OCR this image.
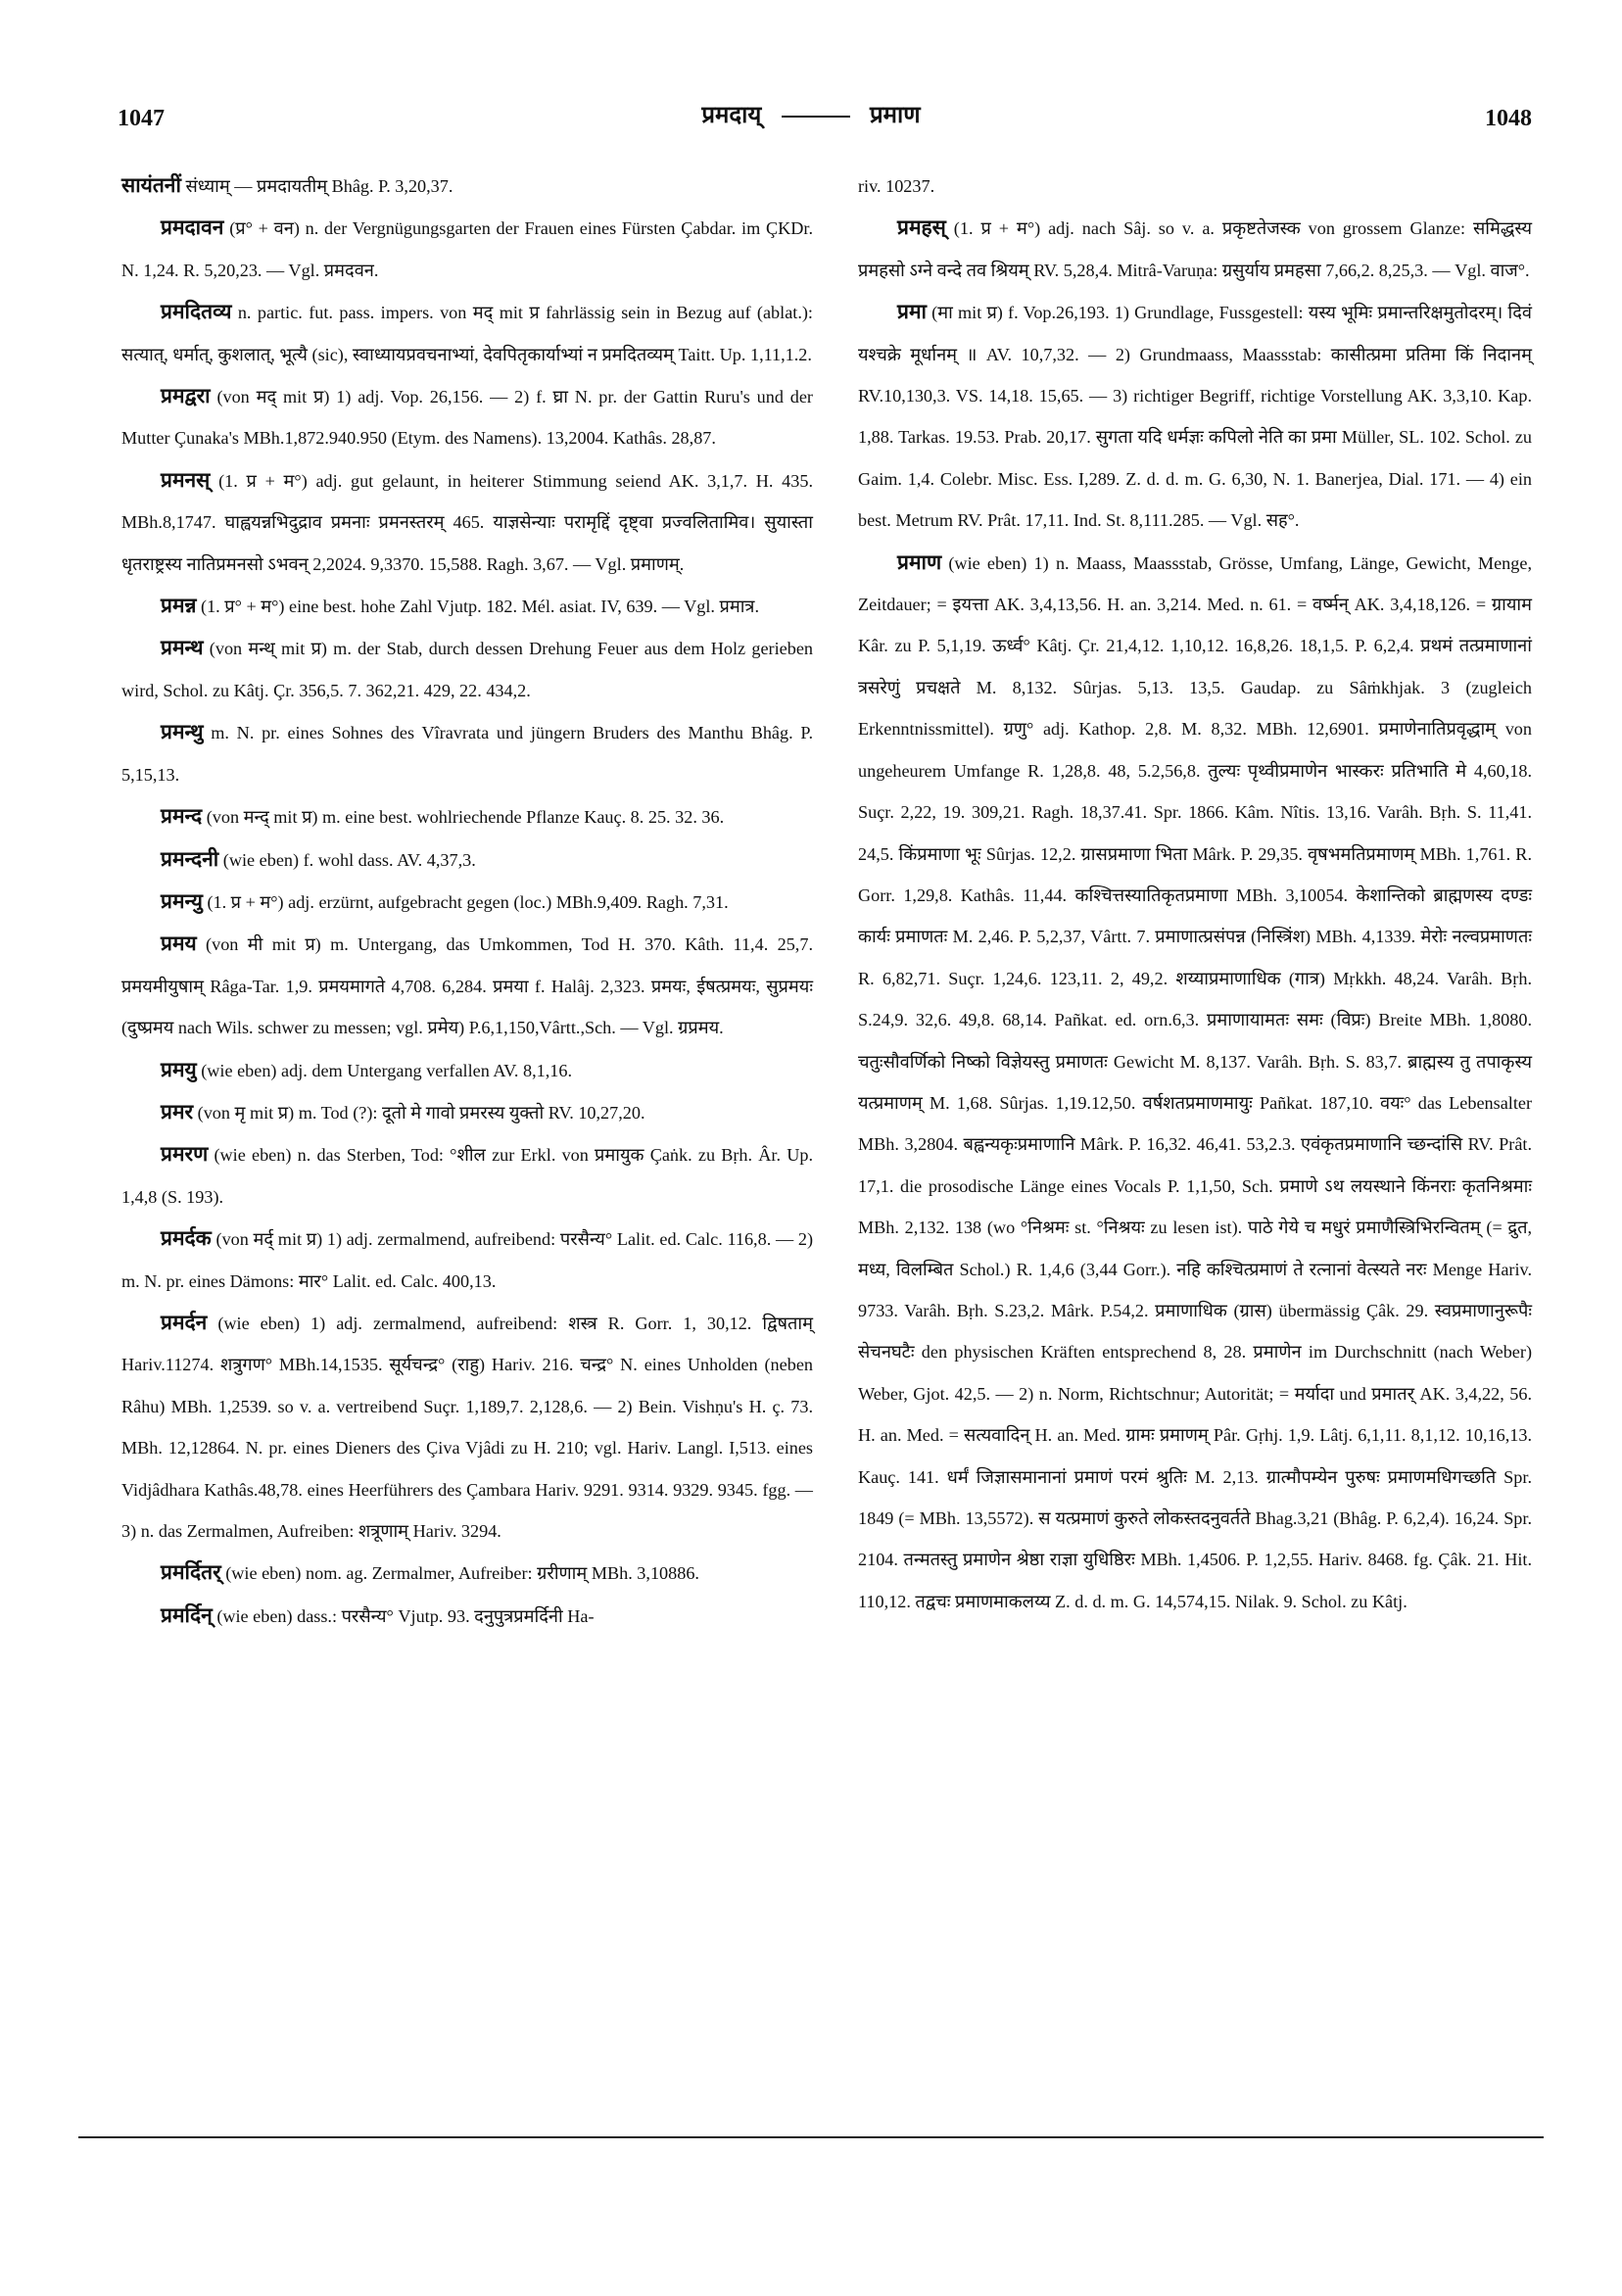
1047	प्रमदाय्	प्रमाण	1048

सायंतनीं संध्याम् — प्रमदायतीम् Bhâg. P. 3,20,37.

प्रमदावन (प्र° + वन) n. der Vergnügungsgarten der Frauen eines Fürsten Çabdar. im ÇKDr. N. 1,24. R. 5,20,23. — Vgl. प्रमदवन.

प्रमदितव्य n. partic. fut. pass. impers. von मद् mit प्र fahrlässig sein in Bezug auf (ablat.): सत्यात्, धर्मात्, कुशलात्, भूत्यै (sic), स्वाध्यायप्रवचनाभ्यां, देवपितृकार्याभ्यां न प्रमदितव्यम् Taitt. Up. 1,11,1.2.

प्रमद्वरा (von मद् mit प्र) 1) adj. Vop. 26,156. — 2) f. घ्रा N. pr. der Gattin Ruru's und der Mutter Çunaka's MBh.1,872.940.950 (Etym. des Namens). 13,2004. Kathâs. 28,87.

प्रमनस् (1. प्र + म°) adj. gut gelaunt, in heiterer Stimmung seiend AK. 3,1,7. H. 435. MBh.8,1747. घाह्वयन्नभिदुद्राव प्रमनाः प्रमनस्तरम् 465. याज्ञसेन्याः परामृद्दिं दृष्ट्वा प्रज्वलितामिव। सुयास्ता धृतराष्ट्रस्य नातिप्रमनसो ऽभवन् 2,2024. 9,3370. 15,588. Ragh. 3,67. — Vgl. प्रमाणम्.

प्रमन्न (1. प्र° + म°) eine best. hohe Zahl Vjutp. 182. Mél. asiat. IV, 639. — Vgl. प्रमात्र.

प्रमन्थ (von मन्थ् mit प्र) m. der Stab, durch dessen Drehung Feuer aus dem Holz gerieben wird, Schol. zu Kâtj. Çr. 356,5. 7. 362,21. 429, 22. 434,2.

प्रमन्थु m. N. pr. eines Sohnes des Vîravrata und jüngern Bruders des Manthu Bhâg. P. 5,15,13.

प्रमन्द (von मन्द् mit प्र) m. eine best. wohlriechende Pflanze Kauç. 8. 25. 32. 36.

प्रमन्दनी (wie eben) f. wohl dass. AV. 4,37,3.

प्रमन्यु (1. प्र + म°) adj. erzürnt, aufgebracht gegen (loc.) MBh.9,409. Ragh. 7,31.

प्रमय (von मी mit प्र) m. Untergang, das Umkommen, Tod H. 370. Kâth. 11,4. 25,7. प्रमयमीयुषाम् Râga-Tar. 1,9. प्रमयमागते 4,708. 6,284. प्रमया f. Halâj. 2,323. प्रमयः, ईषत्प्रमयः, सुप्रमयः (दुष्प्रमय nach Wils. schwer zu messen; vgl. प्रमेय) P.6,1,150,Vârtt.,Sch. — Vgl. ग्रप्रमय.

प्रमयु (wie eben) adj. dem Untergang verfallen AV. 8,1,16.

प्रमर (von मृ mit प्र) m. Tod (?): दूतो मे गावो प्रमरस्य युक्तो RV. 10,27,20.

प्रमरण (wie eben) n. das Sterben, Tod: °शील zur Erkl. von प्रमायुक Çaṅk. zu Bṛh. Âr. Up. 1,4,8 (S. 193).

प्रमर्दक (von मर्द् mit प्र) 1) adj. zermalmend, aufreibend: परसैन्य° Lalit. ed. Calc. 116,8. — 2) m. N. pr. eines Dämons: मार° Lalit. ed. Calc. 400,13.

प्रमर्दन (wie eben) 1) adj. zermalmend, aufreibend: शस्त्र R. Gorr. 1, 30,12. द्विषताम् Hariv.11274. शत्रुगण° MBh.14,1535. सूर्यचन्द्र° (राहु) Hariv. 216. चन्द्र° N. eines Unholden (neben Râhu) MBh. 1,2539. so v. a. vertreibend Suçr. 1,189,7. 2,128,6. — 2) Bein. Vishṇu's H. ç. 73. MBh. 12,12864. N. pr. eines Dieners des Çiva Vjâdi zu H. 210; vgl. Hariv. Langl. I,513. eines Vidjâdhara Kathâs.48,78. eines Heerführers des Çambara Hariv. 9291. 9314. 9329. 9345. fgg. — 3) n. das Zermalmen, Aufreiben: शत्रूणाम् Hariv. 3294.

प्रमर्दितर् (wie eben) nom. ag. Zermalmer, Aufreiber: ग्ररीणाम् MBh. 3,10886.

प्रमर्दिन् (wie eben) dass.: परसैन्य° Vjutp. 93. दनुपुत्रप्रमर्दिनी Ha-

riv. 10237.

प्रमहस् (1. प्र + म°) adj. nach Sâj. so v. a. प्रकृष्टतेजस्क von grossem Glanze: समिद्धस्य प्रमहसो ऽग्ने वन्दे तव श्रियम् RV. 5,28,4. Mitrâ-Varuṇa: ग्रसुर्याय प्रमहसा 7,66,2. 8,25,3. — Vgl. वाज°.

प्रमा (मा mit प्र) f. Vop.26,193. 1) Grundlage, Fussgestell: यस्य भूमिः प्रमान्तरिक्षमुतोदरम्। दिवं यश्चक्रे मूर्धानम् ॥ AV. 10,7,32. — 2) Grundmaass, Maassstab: कासीत्प्रमा प्रतिमा किं निदानम् RV.10,130,3. VS. 14,18. 15,65. — 3) richtiger Begriff, richtige Vorstellung AK. 3,3,10. Kap. 1,88. Tarkas. 19.53. Prab. 20,17. सुगता यदि धर्मज्ञः कपिलो नेति का प्रमा Müller, SL. 102. Schol. zu Gaim. 1,4. Colebr. Misc. Ess. I,289. Z. d. d. m. G. 6,30, N. 1. Banerjea, Dial. 171. — 4) ein best. Metrum RV. Prât. 17,11. Ind. St. 8,111.285. — Vgl. सह°.

प्रमाण (wie eben) 1) n. Maass, Maassstab, Grösse, Umfang, Länge, Gewicht, Menge, Zeitdauer; = इयत्ता AK. 3,4,13,56. H. an. 3,214. Med. n. 61. = वर्ष्मन् AK. 3,4,18,126. = ग्रायाम Kâr. zu P. 5,1,19. ऊर्ध्व° Kâtj. Çr. 21,4,12. 1,10,12. 16,8,26. 18,1,5. P. 6,2,4. प्रथमं तत्प्रमाणानां त्रसरेणुं प्रचक्षते M. 8,132. Sûrjas. 5,13. 13,5. Gaudap. zu Sâṁkhjak. 3 (zugleich Erkenntnissmittel). ग्रणु° adj. Kathop. 2,8. M. 8,32. MBh. 12,6901. प्रमाणेनातिप्रवृद्धाम् von ungeheurem Umfange R. 1,28,8. 48, 5.2,56,8. तुल्यः पृथ्वीप्रमाणेन भास्करः प्रतिभाति मे 4,60,18. Suçr. 2,22, 19. 309,21. Ragh. 18,37.41. Spr. 1866. Kâm. Nîtis. 13,16. Varâh. Bṛh. S. 11,41. 24,5. किंप्रमाणा भूः Sûrjas. 12,2. ग्रासप्रमाणा भिता Mârk. P. 29,35. वृषभमतिप्रमाणम् MBh. 1,761. R. Gorr. 1,29,8. Kathâs. 11,44. कश्चित्तस्यातिकृतप्रमाणा MBh. 3,10054. केशान्तिको ब्राह्मणस्य दण्डः कार्यः प्रमाणतः M. 2,46. P. 5,2,37, Vârtt. 7. प्रमाणात्प्रसंपन्न (निस्त्रिंश) MBh. 4,1339. मेरोः नल्वप्रमाणतः R. 6,82,71. Suçr. 1,24,6. 123,11. 2, 49,2. शय्याप्रमाणाधिक (गात्र) Mṛkkh. 48,24. Varâh. Bṛh. S.24,9. 32,6. 49,8. 68,14. Pañkat. ed. orn.6,3. प्रमाणायामतः समः (विप्रः) Breite MBh. 1,8080. चतुःसौवर्णिको निष्को विज्ञेयस्तु प्रमाणतः Gewicht M. 8,137. Varâh. Bṛh. S. 83,7. ब्राह्मस्य तु तपाकृस्य यत्प्रमाणम् M. 1,68. Sûrjas. 1,19.12,50. वर्षशतप्रमाणमायुः Pañkat. 187,10. वयः° das Lebensalter MBh. 3,2804. बह्वन्यकृःप्रमाणानि Mârk. P. 16,32. 46,41. 53,2.3. एवंकृतप्रमाणानि च्छन्दांसि RV. Prât. 17,1. die prosodische Länge eines Vocals P. 1,1,50, Sch. प्रमाणे ऽथ लयस्थाने किंनराः कृतनिश्रमाः MBh. 2,132. 138 (wo °निश्रमः st. °निश्रयः zu lesen ist). पाठे गेये च मधुरं प्रमाणैस्त्रिभिरन्वितम् (= द्रुत, मध्य, विलम्बित Schol.) R. 1,4,6 (3,44 Gorr.). नहि कश्चित्प्रमाणं ते रत्नानां वेत्स्यते नरः Menge Hariv. 9733. Varâh. Bṛh. S.23,2. Mârk. P.54,2. प्रमाणाधिक (ग्रास) übermässig Çâk. 29. स्वप्रमाणानुरूपैः सेचनघटैः den physischen Kräften entsprechend 8, 28. प्रमाणेन im Durchschnitt (nach Weber) Weber, Gjot. 42,5. — 2) n. Norm, Richtschnur; Autorität; = मर्यादा und प्रमातर् AK. 3,4,22, 56. H. an. Med. = सत्यवादिन् H. an. Med. ग्रामः प्रमाणम् Pâr. Gṛhj. 1,9. Lâtj. 6,1,11. 8,1,12. 10,16,13. Kauç. 141. धर्मं जिज्ञासमानानां प्रमाणं परमं श्रुतिः M. 2,13. ग्रात्मौपम्येन पुरुषः प्रमाणमधिगच्छति Spr. 1849 (= MBh. 13,5572). स यत्प्रमाणं कुरुते लोकस्तदनुवर्तते Bhag.3,21 (Bhâg. P. 6,2,4). 16,24. Spr. 2104. तन्मतस्तु प्रमाणेन श्रेष्ठा राज्ञा युधिष्ठिरः MBh. 1,4506. P. 1,2,55. Hariv. 8468. fg. Çâk. 21. Hit. 110,12. तद्वचः प्रमाणमाकलय्य Z. d. d. m. G. 14,574,15. Nilak. 9. Schol. zu Kâtj.
